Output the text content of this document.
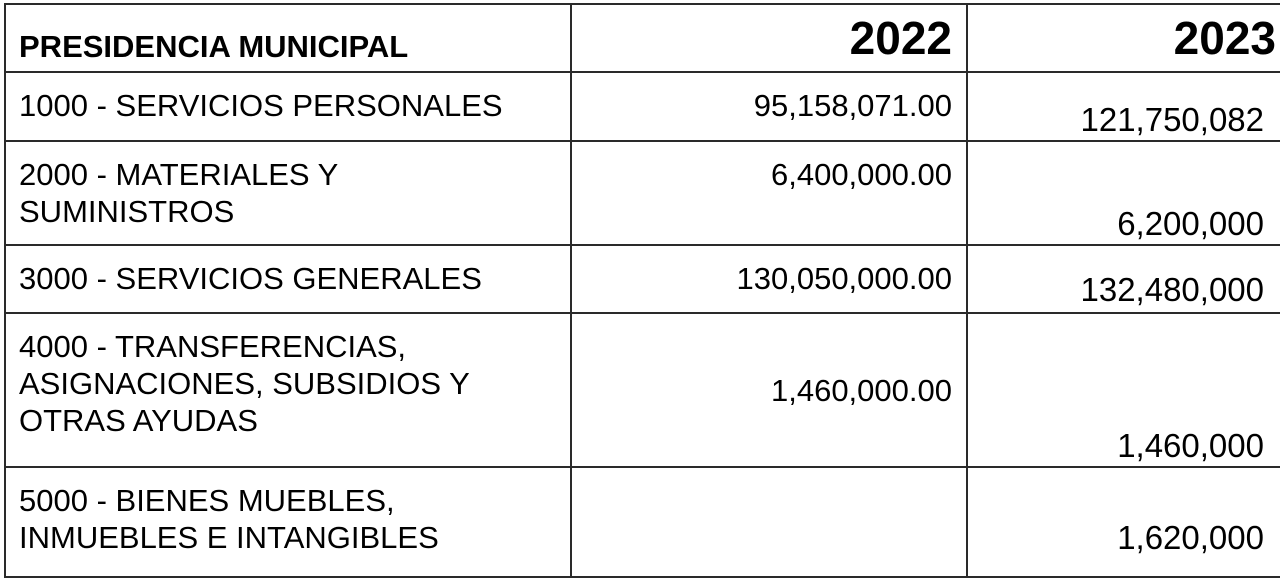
PRESIDENCIA MUNICIPAL	2022	2023

1000 - SERVICIOS PERSONALES	95,158,071.00	121,750,082

2000 - MATERIALES Y
SUMINISTROS	6,400,000.00	6,200,000

3000 - SERVICIOS GENERALES	130,050,000.00	132,480,000

4000 - TRANSFERENCIAS,
ASIGNACIONES, SUBSIDIOS Y
OTRAS AYUDAS	1,460,000.00	1,460,000

5000 - BIENES MUEBLES,
INMUEBLES E INTANGIBLES		1,620,000
